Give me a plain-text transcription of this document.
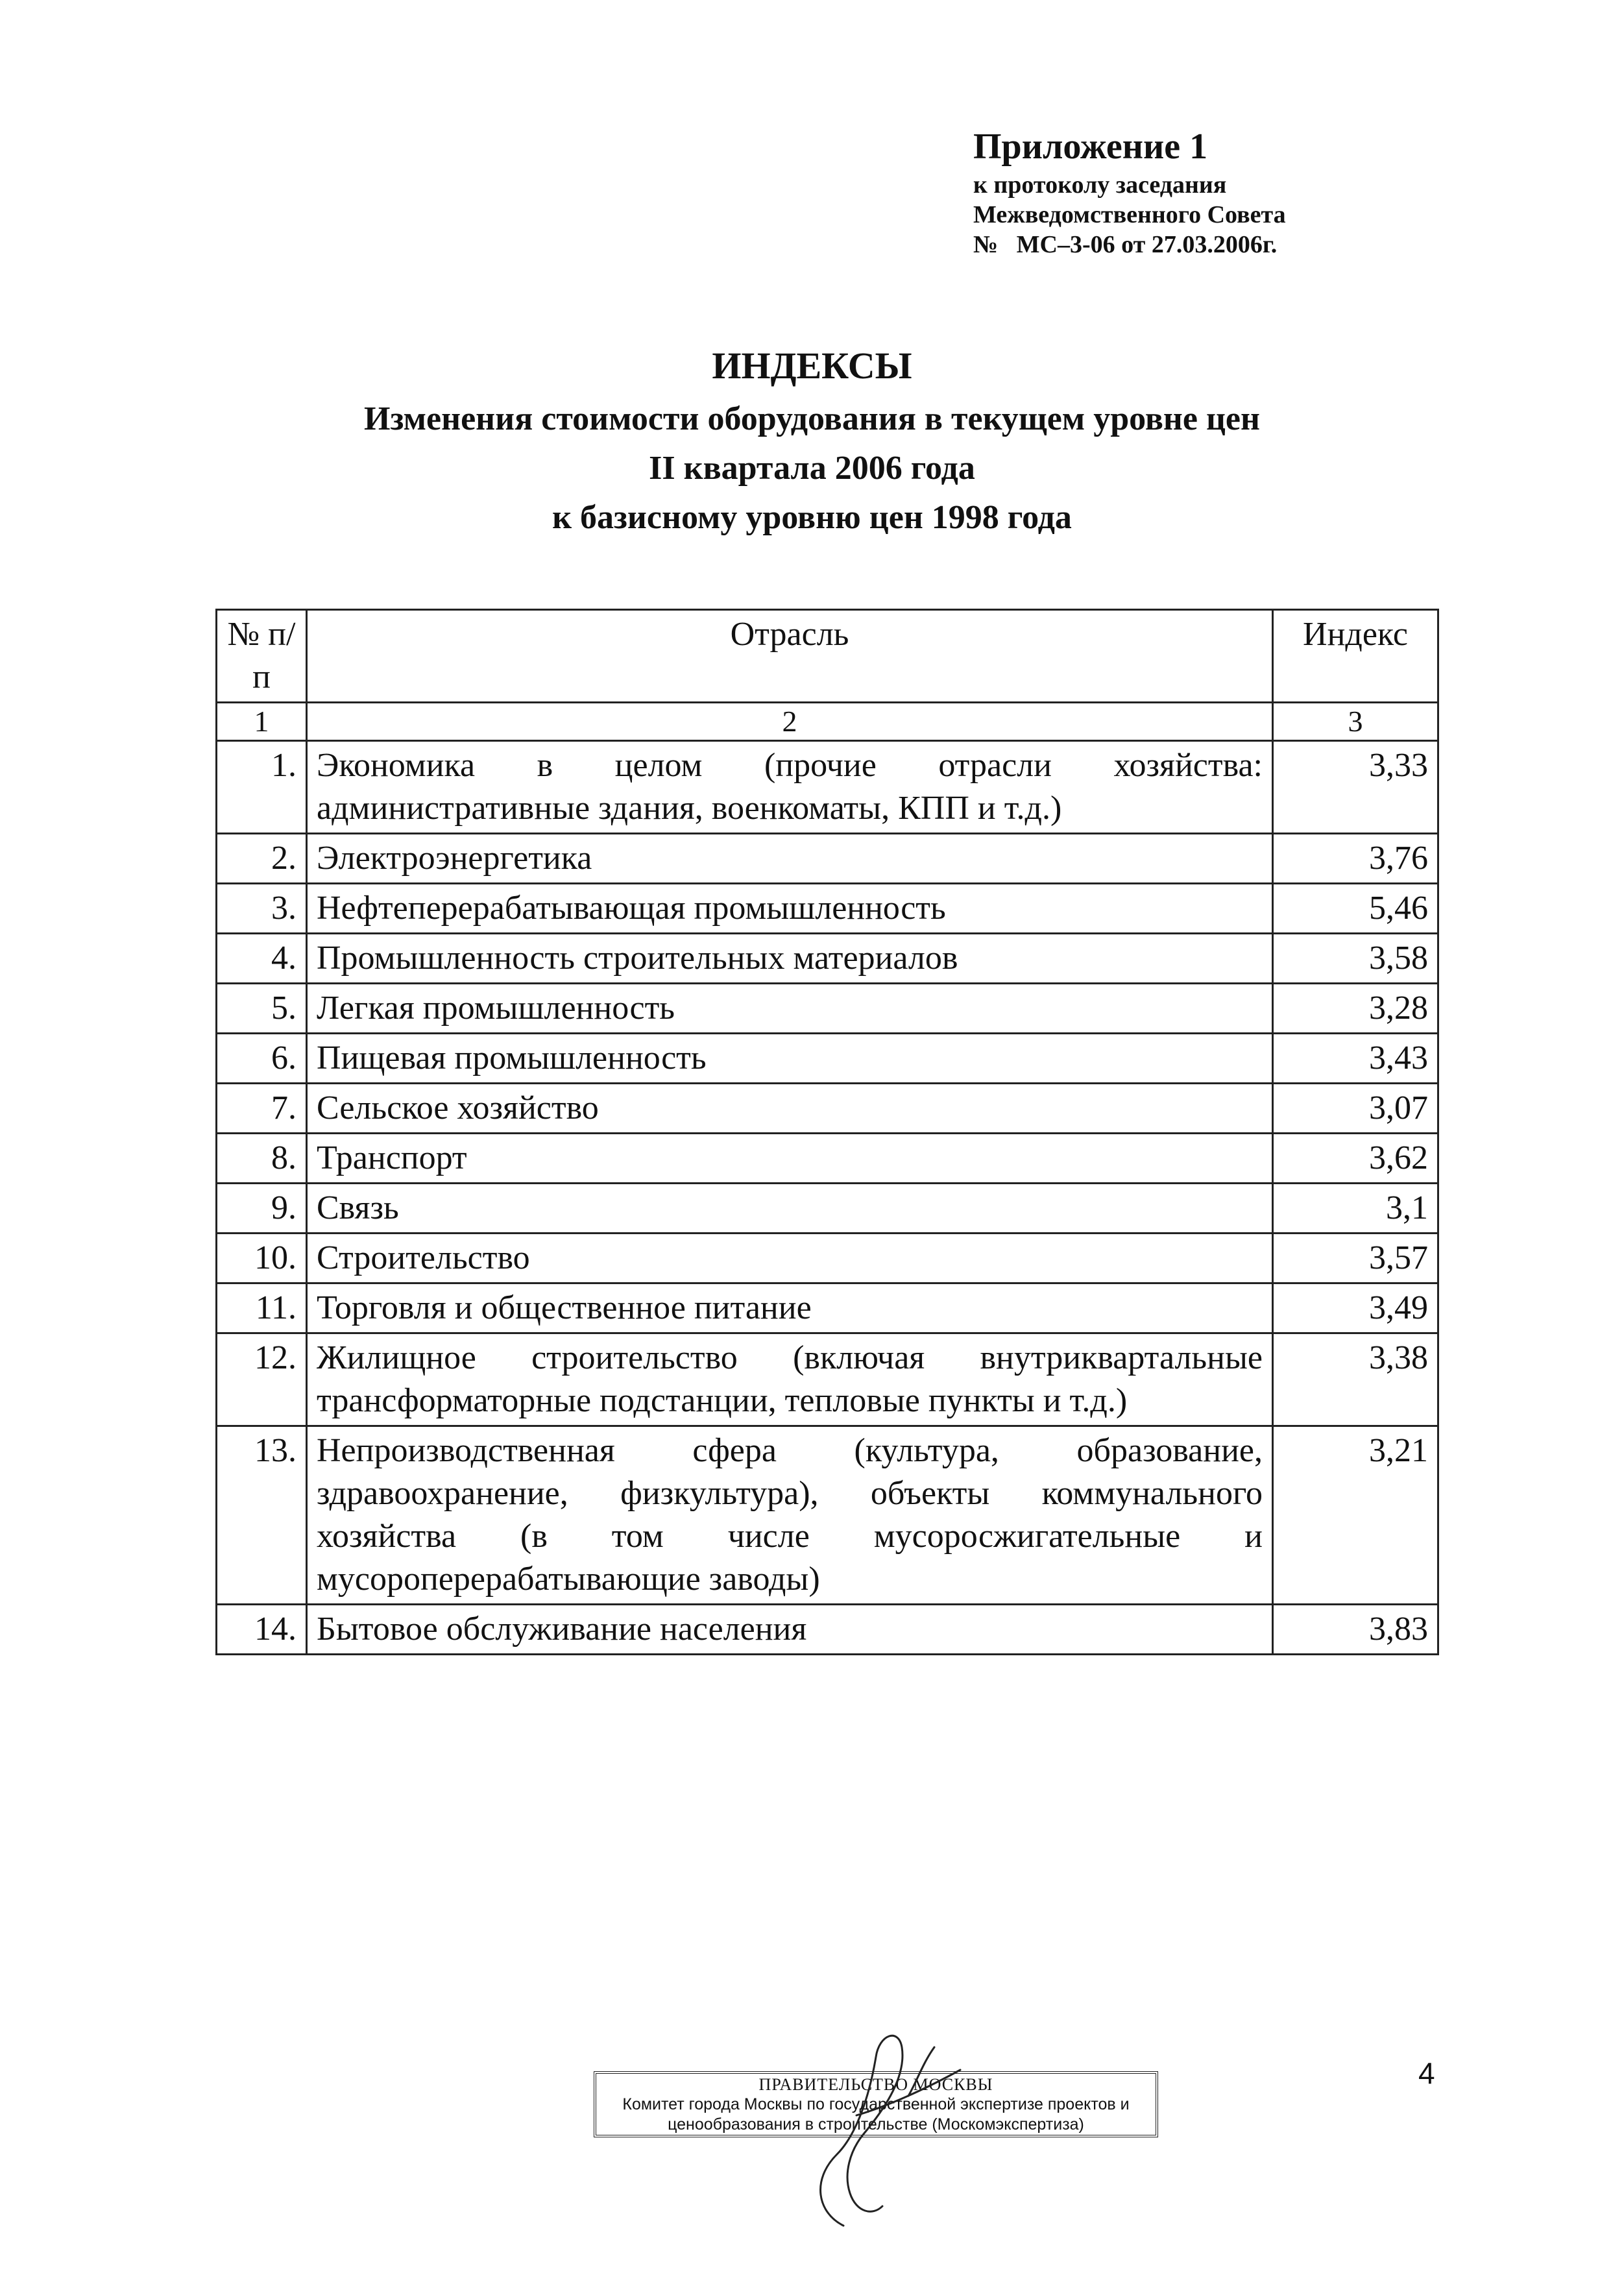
Приложение 1
к протоколу заседания
Межведомственного Совета
№   МС–3-06 от 27.03.2006г.
ИНДЕКСЫ
Изменения стоимости оборудования в текущем уровне цен
II квартала 2006 года
к базисному уровню цен 1998 года
№ п/п	Отрасль	Индекс
1	2	3
1.	Экономика в целом (прочие отрасли хозяйства: административные здания, военкоматы, КПП и т.д.)	3,33
2.	Электроэнергетика	3,76
3.	Нефтеперерабатывающая промышленность	5,46
4.	Промышленность строительных материалов	3,58
5.	Легкая промышленность	3,28
6.	Пищевая промышленность	3,43
7.	Сельское хозяйство	3,07
8.	Транспорт	3,62
9.	Связь	3,1
10.	Строительство	3,57
11.	Торговля и общественное питание	3,49
12.	Жилищное строительство (включая внутриквартальные трансформаторные подстанции, тепловые пункты и т.д.)	3,38
13.	Непроизводственная сфера (культура, образование, здравоохранение, физкультура), объекты коммунального хозяйства (в том числе мусоросжигательные и мусороперерабатывающие заводы)	3,21
14.	Бытовое обслуживание населения	3,83
ПРАВИТЕЛЬСТВО МОСКВЫ
Комитет города Москвы по государственной экспертизе проектов и
ценообразования в строительстве (Москомэкспертиза)
4
